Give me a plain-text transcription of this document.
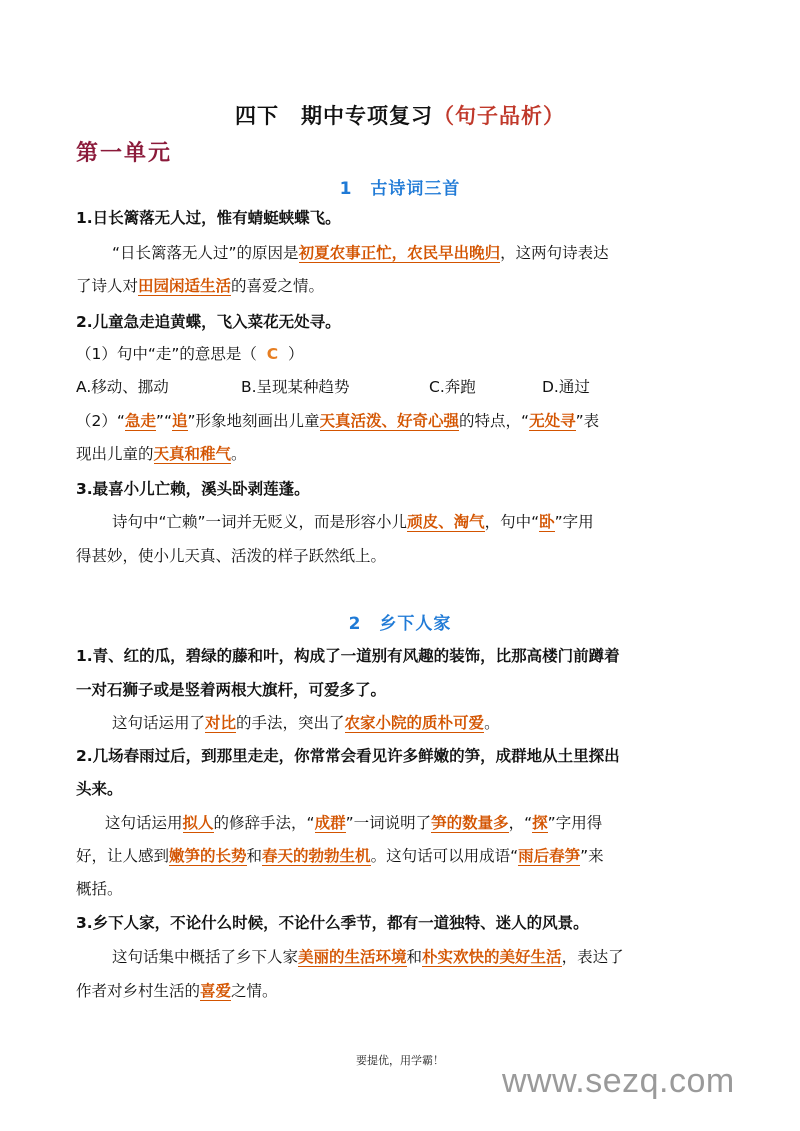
四下　期中专项复习（句子品析）
第一单元
1　古诗词三首
1.日长篱落无人过，惟有蜻蜓蛱蝶飞。
“日长篱落无人过”的原因是初夏农事正忙，农民早出晚归，这两句诗表达
了诗人对田园闲适生活的喜爱之情。
2.儿童急走追黄蝶，飞入菜花无处寻。
（1）句中“走”的意思是（ C ）
A.移动、挪动	B.呈现某种趋势	C.奔跑	D.通过
（2）“急走”“追”形象地刻画出儿童天真活泼、好奇心强的特点，“无处寻”表
现出儿童的天真和稚气。
3.最喜小儿亡赖，溪头卧剥莲蓬。
诗句中“亡赖”一词并无贬义，而是形容小儿顽皮、淘气，句中“卧”字用
得甚妙，使小儿天真、活泼的样子跃然纸上。
2　乡下人家
1.青、红的瓜，碧绿的藤和叶，构成了一道别有风趣的装饰，比那高楼门前蹲着
一对石狮子或是竖着两根大旗杆，可爱多了。
这句话运用了对比的手法，突出了农家小院的质朴可爱。
2.几场春雨过后，到那里走走，你常常会看见许多鲜嫩的笋，成群地从土里探出
头来。
这句话运用拟人的修辞手法，“成群”一词说明了笋的数量多，“探”字用得
好，让人感到嫩笋的长势和春天的勃勃生机。这句话可以用成语“雨后春笋”来
概括。
3.乡下人家，不论什么时候，不论什么季节，都有一道独特、迷人的风景。
这句话集中概括了乡下人家美丽的生活环境和朴实欢快的美好生活，表达了
作者对乡村生活的喜爱之情。
要提优，用学霸！
www.sezq.com
